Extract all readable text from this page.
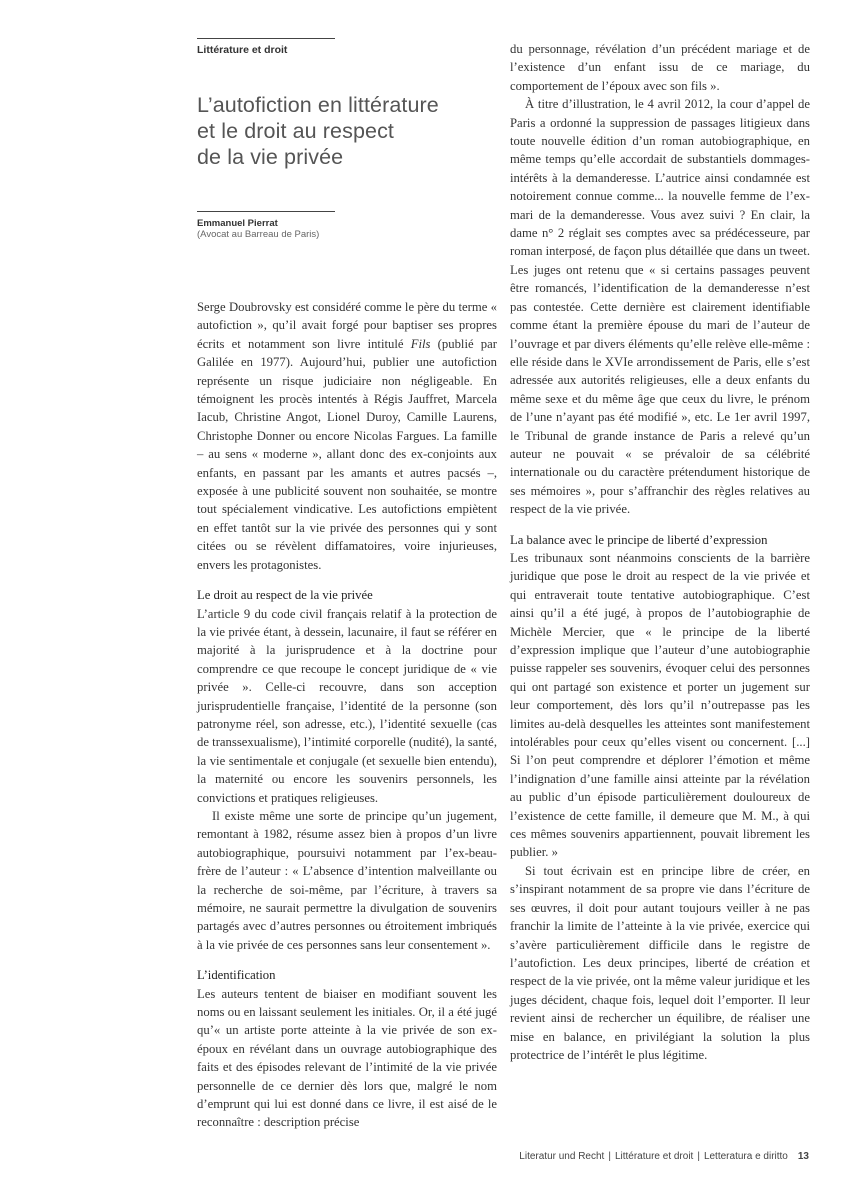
Littérature et droit
L’autofiction en littérature
et le droit au respect
de la vie privée
Emmanuel Pierrat
(Avocat au Barreau de Paris)

Serge Doubrovsky est considéré comme le père du terme « autofiction », qu’il avait forgé pour baptiser ses propres écrits et notamment son livre intitulé Fils (publié par Galilée en 1977). Aujourd’hui, publier une autofiction représente un risque judiciaire non négligeable. En témoignent les procès intentés à Régis Jauffret, Marcela Iacub, Christine Angot, Lionel Duroy, Camille Laurens, Christophe Donner ou encore Nicolas Fargues. La famille – au sens « moderne », allant donc des ex-conjoints aux enfants, en passant par les amants et autres pacsés –, exposée à une publicité souvent non souhaitée, se montre tout spécialement vindicative. Les autofictions empiètent en effet tantôt sur la vie privée des personnes qui y sont citées ou se révèlent diffamatoires, voire injurieuses, envers les protagonistes.

Le droit au respect de la vie privée

L’article 9 du code civil français relatif à la protection de la vie privée étant, à dessein, lacunaire, il faut se référer en majorité à la jurisprudence et à la doctrine pour comprendre ce que recoupe le concept juridique de « vie privée ». Celle-ci recouvre, dans son acception jurisprudentielle française, l’identité de la personne (son patronyme réel, son adresse, etc.), l’identité sexuelle (cas de transsexualisme), l’intimité corporelle (nudité), la santé, la vie sentimentale et conjugale (et sexuelle bien entendu), la maternité ou encore les souvenirs personnels, les convictions et pratiques religieuses.

Il existe même une sorte de principe qu’un jugement, remontant à 1982, résume assez bien à propos d’un livre autobiographique, poursuivi notamment par l’ex-beau-frère de l’auteur : « L’absence d’intention malveillante ou la recherche de soi-même, par l’écriture, à travers sa mémoire, ne saurait permettre la divulgation de souvenirs partagés avec d’autres personnes ou étroitement imbriqués à la vie privée de ces personnes sans leur consentement ».

L’identification

Les auteurs tentent de biaiser en modifiant souvent les noms ou en laissant seulement les initiales. Or, il a été jugé qu’« un artiste porte atteinte à la vie privée de son ex-époux en révélant dans un ouvrage autobiographique des faits et des épisodes relevant de l’intimité de la vie privée personnelle de ce dernier dès lors que, malgré le nom d’emprunt qui lui est donné dans ce livre, il est aisé de le reconnaître : description précise

du personnage, révélation d’un précédent mariage et de l’existence d’un enfant issu de ce mariage, du comportement de l’époux avec son fils ».

À titre d’illustration, le 4 avril 2012, la cour d’appel de Paris a ordonné la suppression de passages litigieux dans toute nouvelle édition d’un roman autobiographique, en même temps qu’elle accordait de substantiels dommages-intérêts à la demanderesse. L’autrice ainsi condamnée est notoirement connue comme... la nouvelle femme de l’ex-mari de la demanderesse. Vous avez suivi ? En clair, la dame n° 2 réglait ses comptes avec sa prédécesseure, par roman interposé, de façon plus détaillée que dans un tweet. Les juges ont retenu que « si certains passages peuvent être romancés, l’identification de la demanderesse n’est pas contestée. Cette dernière est clairement identifiable comme étant la première épouse du mari de l’auteur de l’ouvrage et par divers éléments qu’elle relève elle-même : elle réside dans le XVIe arrondissement de Paris, elle s’est adressée aux autorités religieuses, elle a deux enfants du même sexe et du même âge que ceux du livre, le prénom de l’une n’ayant pas été modifié », etc. Le 1er avril 1997, le Tribunal de grande instance de Paris a relevé qu’un auteur ne pouvait « se prévaloir de sa célébrité internationale ou du caractère prétendument historique de ses mémoires », pour s’affranchir des règles relatives au respect de la vie privée.

La balance avec le principe de liberté d’expression

Les tribunaux sont néanmoins conscients de la barrière juridique que pose le droit au respect de la vie privée et qui entraverait toute tentative autobiographique. C’est ainsi qu’il a été jugé, à propos de l’autobiographie de Michèle Mercier, que « le principe de la liberté d’expression implique que l’auteur d’une autobiographie puisse rappeler ses souvenirs, évoquer celui des personnes qui ont partagé son existence et porter un jugement sur leur comportement, dès lors qu’il n’outrepasse pas les limites au-delà desquelles les atteintes sont manifestement intolérables pour ceux qu’elles visent ou concernent. [...] Si l’on peut comprendre et déplorer l’émotion et même l’indignation d’une famille ainsi atteinte par la révélation au public d’un épisode particulièrement douloureux de l’existence de cette famille, il demeure que M. M., à qui ces mêmes souvenirs appartiennent, pouvait librement les publier. »

Si tout écrivain est en principe libre de créer, en s’inspirant notamment de sa propre vie dans l’écriture de ses œuvres, il doit pour autant toujours veiller à ne pas franchir la limite de l’atteinte à la vie privée, exercice qui s’avère particulièrement difficile dans le registre de l’autofiction. Les deux principes, liberté de création et respect de la vie privée, ont la même valeur juridique et les juges décident, chaque fois, lequel doit l’emporter. Il leur revient ainsi de rechercher un équilibre, de réaliser une mise en balance, en privilégiant la solution la plus protectrice de l’intérêt le plus légitime.

Literatur und Recht | Littérature et droit | Letteratura e diritto 13
